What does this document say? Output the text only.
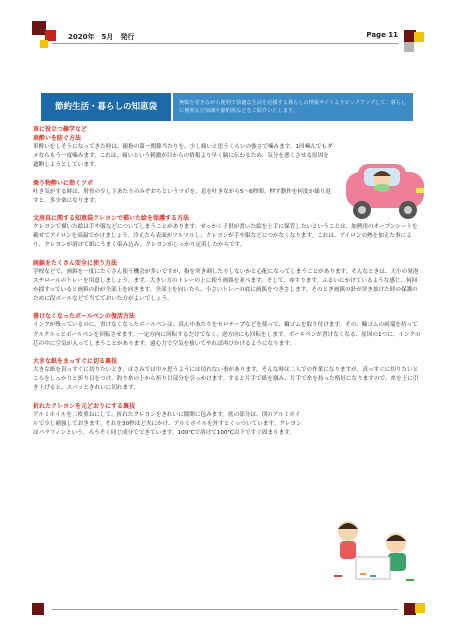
2020年　5月　発行	Page 11
節約生活・暮らしの知恵袋	無駄を省きながら便利で快適な生活を応援する暮らしの情報サイトよりピックアップして、暮らしに便利な豆知識や節約術などをご紹介いたします。
車に役立つ雑学など
車酔いを防ぐ方法
車酔いをしそうになってきた時は、親指の第一関節当たりを、少し痛いと思うくらいの強さで噛みます。1回噛んでもダメならもう一度噛みます。これは、痛いという刺激が目からの情報より早く脳に伝わるため、気分を悪くさせる原因を遮断しようとしています。
乗り物酔いに効くツボ
吐き気がする時は、肘骨の少し下あたりのみぞおちというツボを、息を吐きながら5～6秒間、押す動作を何度か繰り返すと、多少楽になります。
文房具に関する知恵袋クレヨンで描いた絵を保護する方法
クレヨンで描いた絵は手や服などについてしまうことがあります。せっかく子供が書いた絵を上手に保管したいということは、加熱用のオーブンシートを載せてアイロンを高温でかけましょう。冷えたら表面がツルツルし、クレヨンが手や服などにつかなくなります。これは、アイロンの熱を加えた事により、クレヨンが溶けて紙にうまく染み込み、クレヨンがしっかり定着したからです。
画鋲をたくさん安全に使う方法
学校などで、画鋲を一度にたくさん使う機会が多いですが、指を突き刺したりしないかと心配になってしまうことがあります。そんなときは、大小の発泡スチロールのトレーを用意しましょう。まず、大きい方のトレーの上に使う画鋲を並べます。そして、ゆすります。ふるいにかけているような感じ、何回か揺すっていると画鋲の針が全部上を向きます。全部上を向いたら、小さいトレーの底に画鋲をつきさします。そのとき画鋲の針が突き抜けた時の保護のために段ボールなどで当てておいた方がよいでしょう。
書けなくなったボールペンの復活方法
インクが残っているのに、書けなくなったボールペンは、真ん中あたりをセロテープなどを使って、輪ゴムを取り付けます。その、輪ゴムの両端を持ってクルクルっとボールペンを回転させます。一定方向に回転するだけでなく、逆方向にも回転をします。ボールペンが書けなくなる、原因の1つに、インクの芯の中に空気が入ってしまうことがあります。遠心力で空気を抜いてやれば再びかけるようになります。
大きな紙をまっすぐに切る裏技
大きな紙を真っすぐに切りたいとき、はさみでは中々思うようには切れない事があります。そんな時は二人での作業になりますが、真っすぐに切りたいところをしっかりと折り目をつけ、釣り糸の上から折り目部分を引っかけます。すると片手で紙を掴み、片手で糸を持った格好になりますので、糸を上に引き上げると、スパッときれいに切れます。
折れたクレヨンを元どおりにする裏技
アルミホイルを二枚重ねにして、折れたクレヨンをきれいに隙間に包みます。底の部分は、別のアルミホイルで少し補強しておきます。それを30秒ほど火にかけ、アルミホイルを外すとくっついています。クレヨンはパラフィンという、ろうそく同じ成分でできています。100℃で溶けて100℃以下ですぐ固まります。
